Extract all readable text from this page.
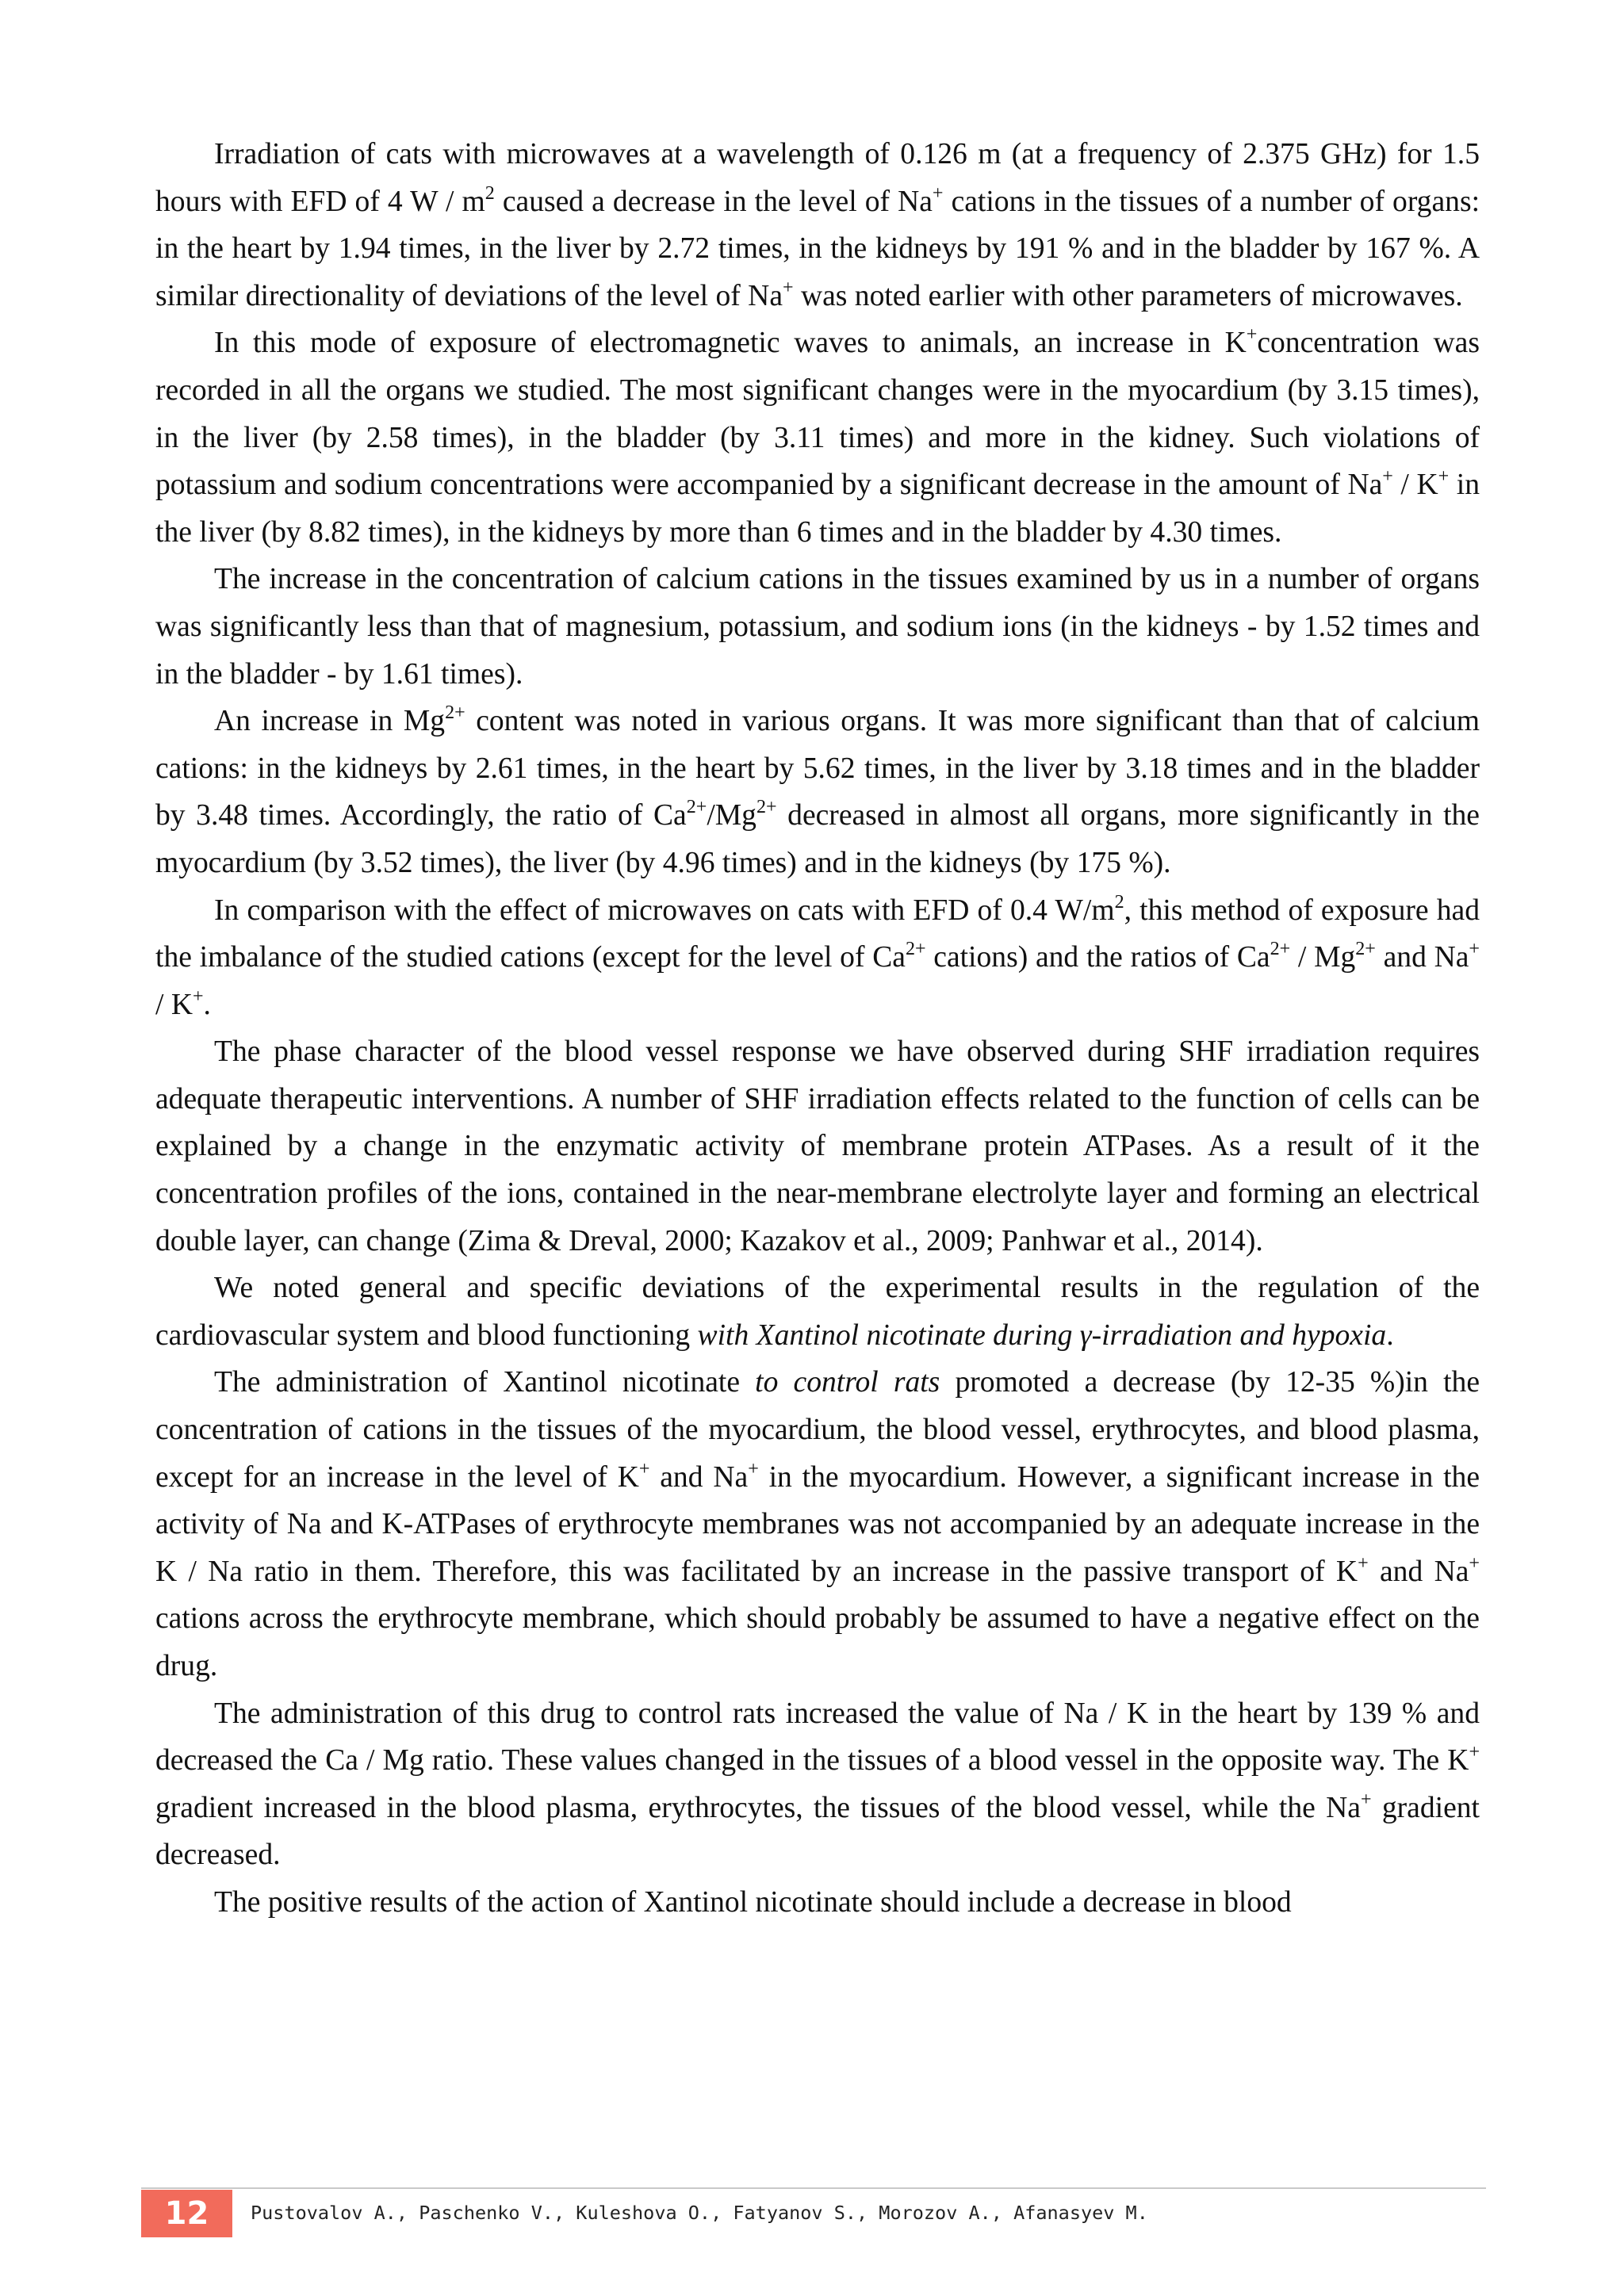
Irradiation of cats with microwaves at a wavelength of 0.126 m (at a frequency of 2.375 GHz) for 1.5 hours with EFD of 4 W / $m^2$ caused a decrease in the level of Na+ cations in the tissues of a number of organs: in the heart by 1.94 times, in the liver by 2.72 times, in the kidneys by 191 % and in the bladder by 167 %. A similar directionality of deviations of the level of Na+ was noted earlier with other parameters of microwaves.

In this mode of exposure of electromagnetic waves to animals, an increase in K+concentration was recorded in all the organs we studied. The most significant changes were in the myocardium (by 3.15 times), in the liver (by 2.58 times), in the bladder (by 3.11 times) and more in the kidney. Such violations of potassium and sodium concentrations were accompanied by a significant decrease in the amount of Na+ / K+ in the liver (by 8.82 times), in the kidneys by more than 6 times and in the bladder by 4.30 times.

The increase in the concentration of calcium cations in the tissues examined by us in a number of organs was significantly less than that of magnesium, potassium, and sodium ions (in the kidneys - by 1.52 times and in the bladder - by 1.61 times).

An increase in $Mg^{2+}$ content was noted in various organs. It was more significant than that of calcium cations: in the kidneys by 2.61 times, in the heart by 5.62 times, in the liver by 3.18 times and in the bladder by 3.48 times. Accordingly, the ratio of $Ca^{2+}/Mg^{2+}$ decreased in almost all organs, more significantly in the myocardium (by 3.52 times), the liver (by 4.96 times) and in the kidneys (by 175 %).

In comparison with the effect of microwaves on cats with EFD of 0.4 $W/m^2$, this method of exposure had the imbalance of the studied cations (except for the level of $Ca^{2+}$ cations) and the ratios of $Ca^{2+} / Mg^{2+}$ and Na+ / K+.

The phase character of the blood vessel response we have observed during SHF irradiation requires adequate therapeutic interventions. A number of SHF irradiation effects related to the function of cells can be explained by a change in the enzymatic activity of membrane protein ATPases. As a result of it the concentration profiles of the ions, contained in the near-membrane electrolyte layer and forming an electrical double layer, can change (Zima & Dreval, 2000; Kazakov et al., 2009; Panhwar et al., 2014).

We noted general and specific deviations of the experimental results in the regulation of the cardiovascular system and blood functioning with Xantinol nicotinate during γ-irradiation and hypoxia.

The administration of Xantinol nicotinate to control rats promoted a decrease (by 12-35 %)in the concentration of cations in the tissues of the myocardium, the blood vessel, erythrocytes, and blood plasma, except for an increase in the level of K+ and Na+ in the myocardium. However, a significant increase in the activity of Na and K-ATPases of erythrocyte membranes was not accompanied by an adequate increase in the K / Na ratio in them. Therefore, this was facilitated by an increase in the passive transport of K+ and Na+ cations across the erythrocyte membrane, which should probably be assumed to have a negative effect on the drug.

The administration of this drug to control rats increased the value of Na / K in the heart by 139 % and decreased the Ca / Mg ratio. These values changed in the tissues of a blood vessel in the opposite way. The K+ gradient increased in the blood plasma, erythrocytes, the tissues of the blood vessel, while the Na+ gradient decreased.

The positive results of the action of Xantinol nicotinate should include a decrease in blood

12	Pustovalov A., Paschenko V., Kuleshova O., Fatyanov S., Morozov A., Afanasyev M.
